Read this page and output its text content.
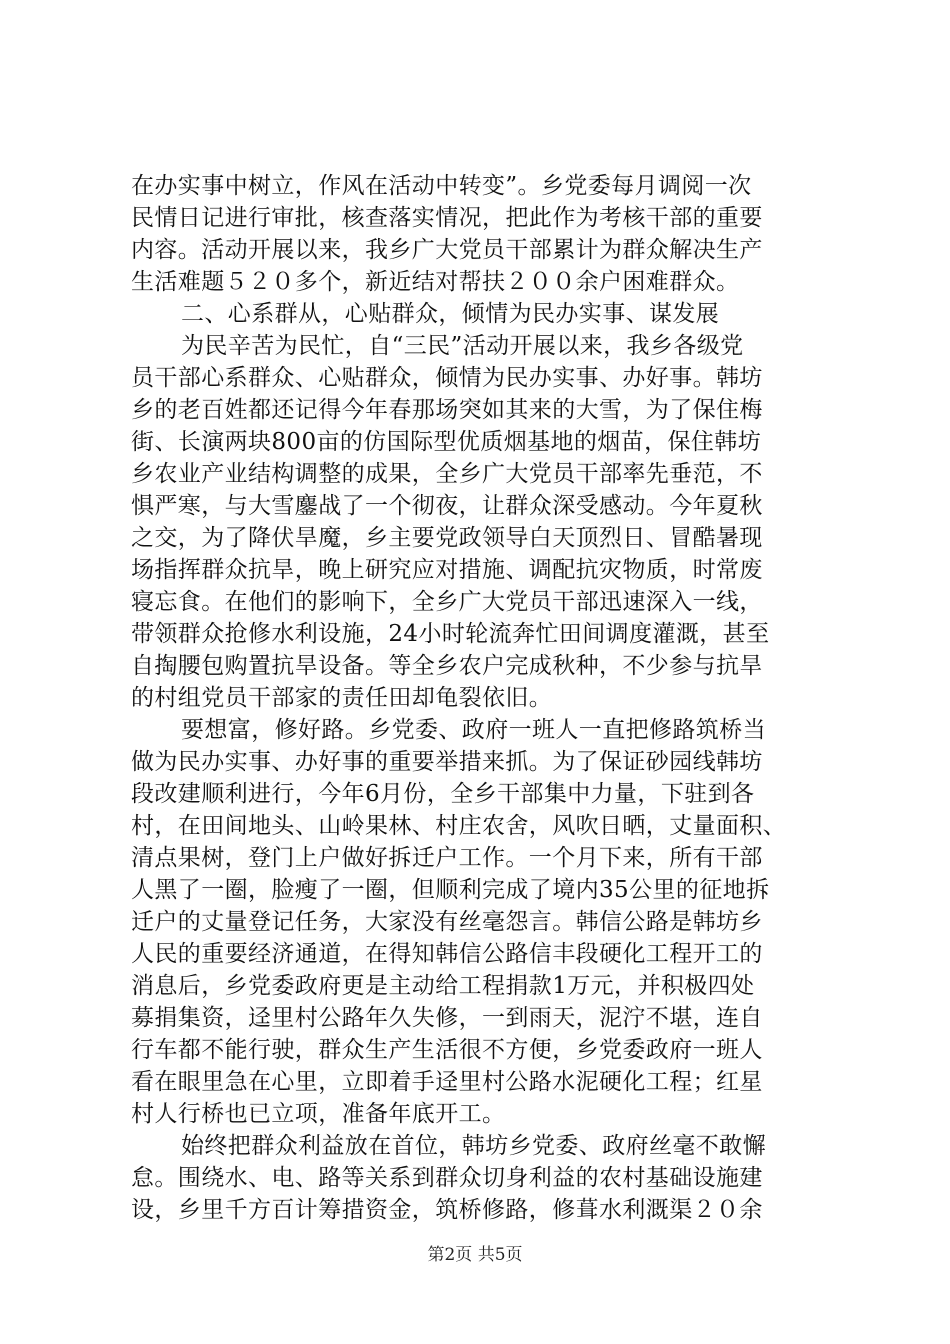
在办实事中树立，作风在活动中转变”。乡党委每月调阅一次
民情日记进行审批，核查落实情况，把此作为考核干部的重要
内容。活动开展以来，我乡广大党员干部累计为群众解决生产
生活难题５２０多个，新近结对帮扶２００余户困难群众。
二、心系群从，心贴群众，倾情为民办实事、谋发展
为民辛苦为民忙，自“三民”活动开展以来，我乡各级党
员干部心系群众、心贴群众，倾情为民办实事、办好事。韩坊
乡的老百姓都还记得今年春那场突如其来的大雪，为了保住梅
街、长演两块800亩的仿国际型优质烟基地的烟苗，保住韩坊
乡农业产业结构调整的成果，全乡广大党员干部率先垂范，不
惧严寒，与大雪鏖战了一个彻夜，让群众深受感动。今年夏秋
之交，为了降伏旱魔，乡主要党政领导白天顶烈日、冒酷暑现
场指挥群众抗旱，晚上研究应对措施、调配抗灾物质，时常废
寝忘食。在他们的影响下，全乡广大党员干部迅速深入一线，
带领群众抢修水利设施，24小时轮流奔忙田间调度灌溉，甚至
自掏腰包购置抗旱设备。等全乡农户完成秋种，不少参与抗旱
的村组党员干部家的责任田却龟裂依旧。
要想富，修好路。乡党委、政府一班人一直把修路筑桥当
做为民办实事、办好事的重要举措来抓。为了保证砂园线韩坊
段改建顺利进行，今年6月份，全乡干部集中力量，下驻到各
村，在田间地头、山岭果林、村庄农舍，风吹日晒，丈量面积、
清点果树，登门上户做好拆迁户工作。一个月下来，所有干部
人黑了一圈，脸瘦了一圈，但顺利完成了境内35公里的征地拆
迁户的丈量登记任务，大家没有丝毫怨言。韩信公路是韩坊乡
人民的重要经济通道，在得知韩信公路信丰段硬化工程开工的
消息后，乡党委政府更是主动给工程捐款1万元，并积极四处
募捐集资，迳里村公路年久失修，一到雨天，泥泞不堪，连自
行车都不能行驶，群众生产生活很不方便，乡党委政府一班人
看在眼里急在心里，立即着手迳里村公路水泥硬化工程；红星
村人行桥也已立项，准备年底开工。
始终把群众利益放在首位，韩坊乡党委、政府丝毫不敢懈
怠。围绕水、电、路等关系到群众切身利益的农村基础设施建
设，乡里千方百计筹措资金，筑桥修路，修葺水利溉渠２０余
第2页 共5页
